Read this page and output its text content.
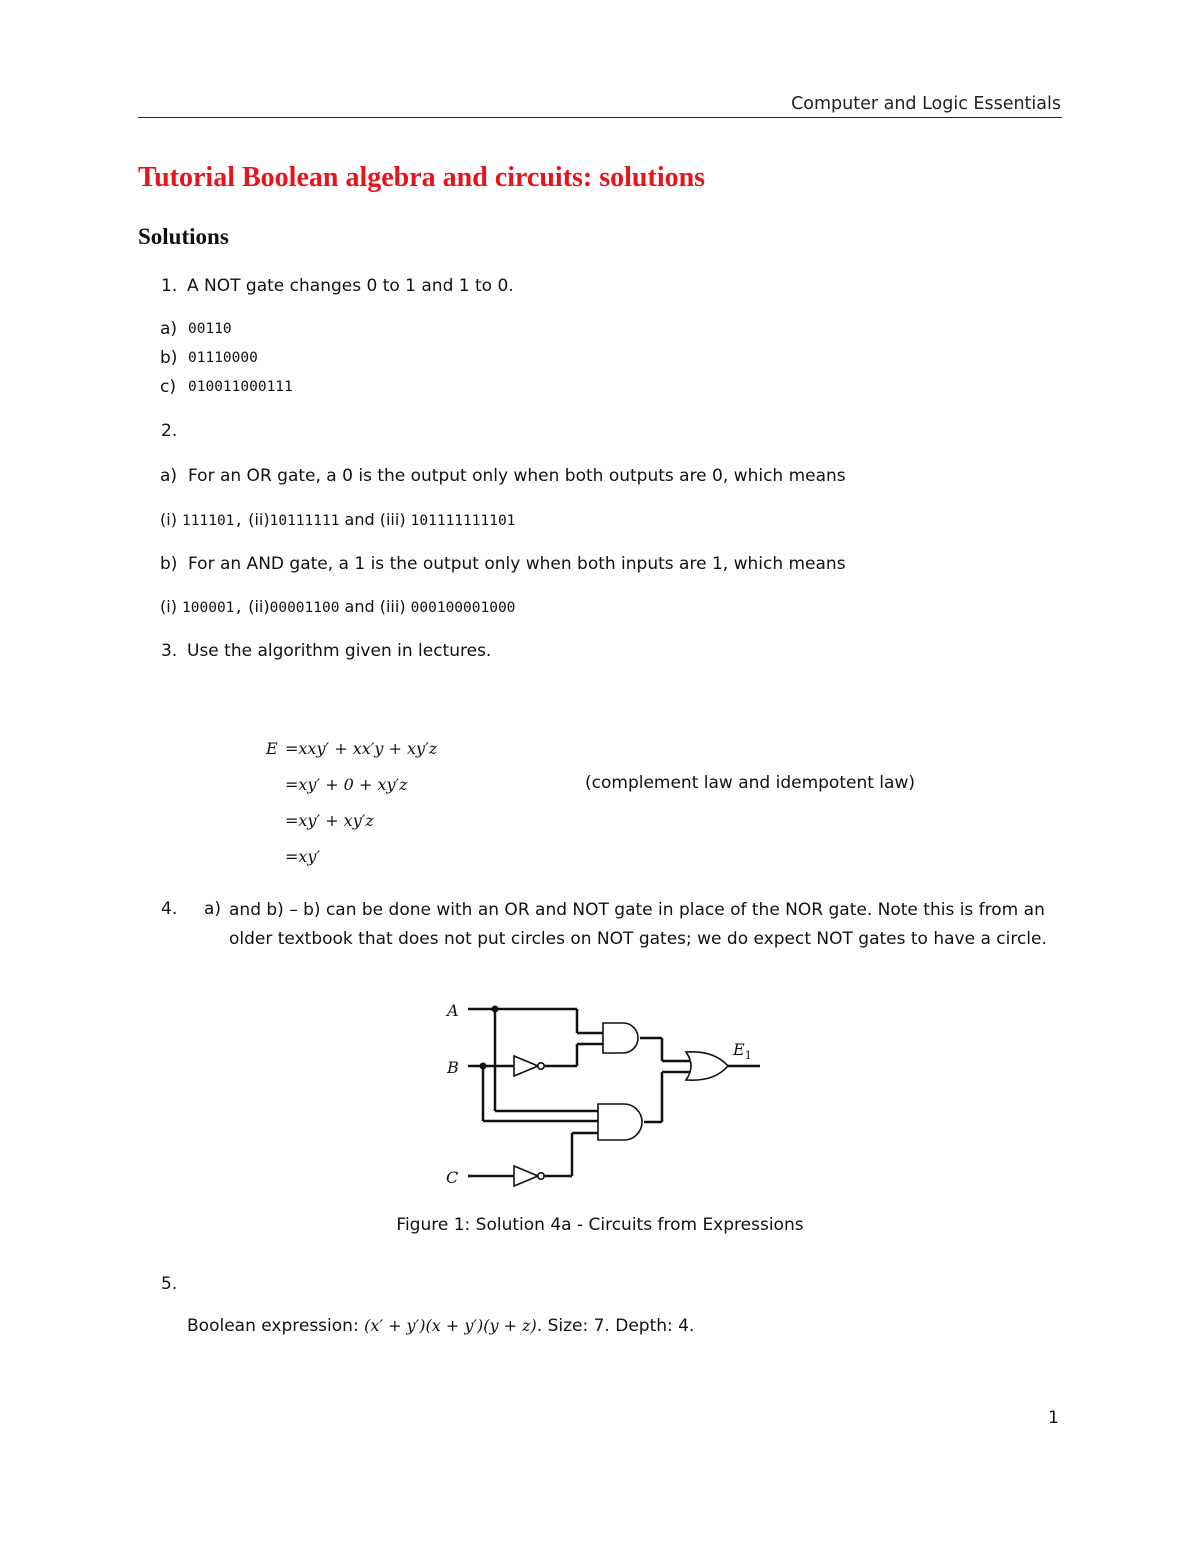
Computer and Logic Essentials
Tutorial Boolean algebra and circuits: solutions
Solutions
1. A NOT gate changes 0 to 1 and 1 to 0.
a) 00110
b) 01110000
c) 010011000111
2.
a) For an OR gate, a 0 is the output only when both outputs are 0, which means
(i) 111101, (ii)10111111 and (iii) 101111111101
b) For an AND gate, a 1 is the output only when both inputs are 1, which means
(i) 100001, (ii)00001100 and (iii) 000100001000
3. Use the algorithm given in lectures.
E =xxy′ + xx′y + xy′z
=xy′ + 0 + xy′z	(complement law and idempotent law)
=xy′ + xy′z
=xy′
4. a) and b) – b) can be done with an OR and NOT gate in place of the NOR gate. Note this is from an older textbook that does not put circles on NOT gates; we do expect NOT gates to have a circle.
A
B
C
$E_1$
Figure 1: Solution 4a - Circuits from Expressions
5.
Boolean expression: (x′ + y′)(x + y′)(y + z). Size: 7. Depth: 4.
1
